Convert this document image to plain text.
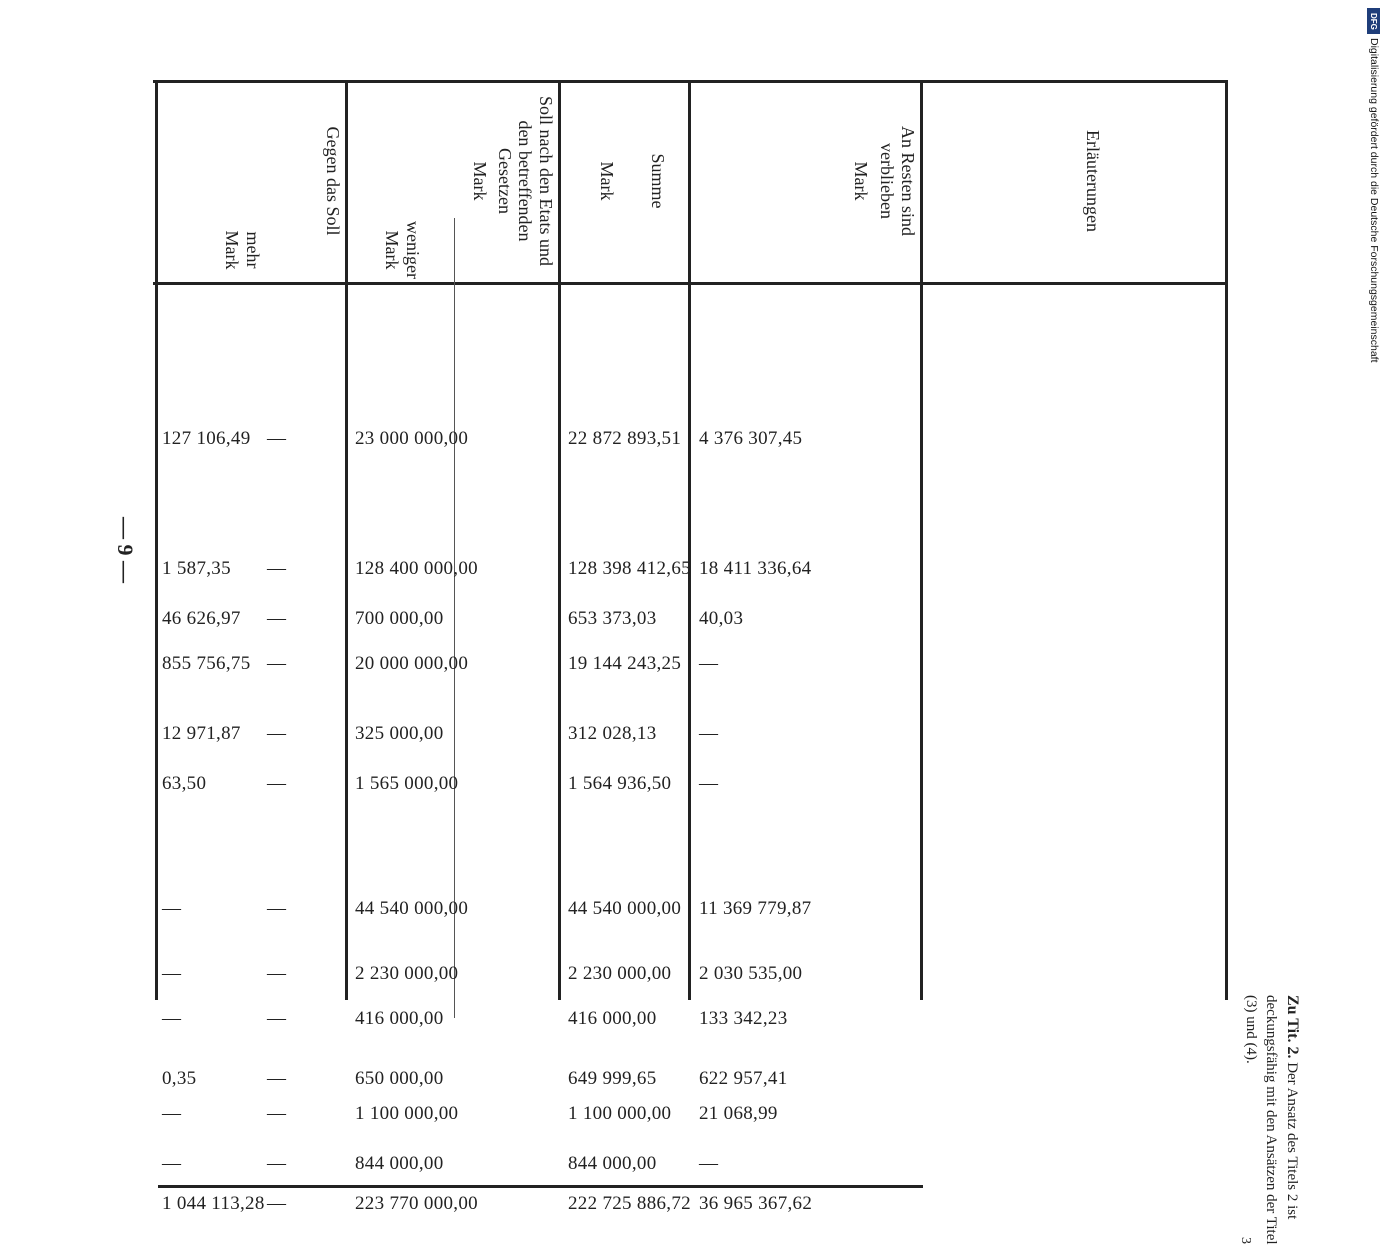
— 9 —
An Resten sind verblieben
Mark
Summe
Mark
Soll nach den Etats und den betreffenden Gesetzen
Mark
Gegen das Soll
mehr
Mark	weniger
Mark
Erläuterungen
4 376 307,45
22 872 893,51
23 000 000,00
—
127 106,49
18 411 336,64
128 398 412,65
128 400 000,00
—
1 587,35
40,03
653 373,03
700 000,00
—
46 626,97
—
19 144 243,25
20 000 000,00
—
855 756,75
—
312 028,13
325 000,00
—
12 971,87
—
1 564 936,50
1 565 000,00
—
63,50
11 369 779,87
44 540 000,00
44 540 000,00
—
—
2 030 535,00
2 230 000,00
2 230 000,00
—
—
133 342,23
416 000,00
416 000,00
—
—
622 957,41
649 999,65
650 000,00
—
0,35
21 068,99
1 100 000,00
1 100 000,00
—
—
—
844 000,00
844 000,00
—
—
36 965 367,62
222 725 886,72
223 770 000,00
—
1 044 113,28
Zu Tit. 2. Der Ansatz des Titels 2 ist deckungsfähig mit den Ansätzen der Titel (3) und (4).
3
DFG
Digitalisierung gefördert durch die Deutsche Forschungsgemeinschaft
